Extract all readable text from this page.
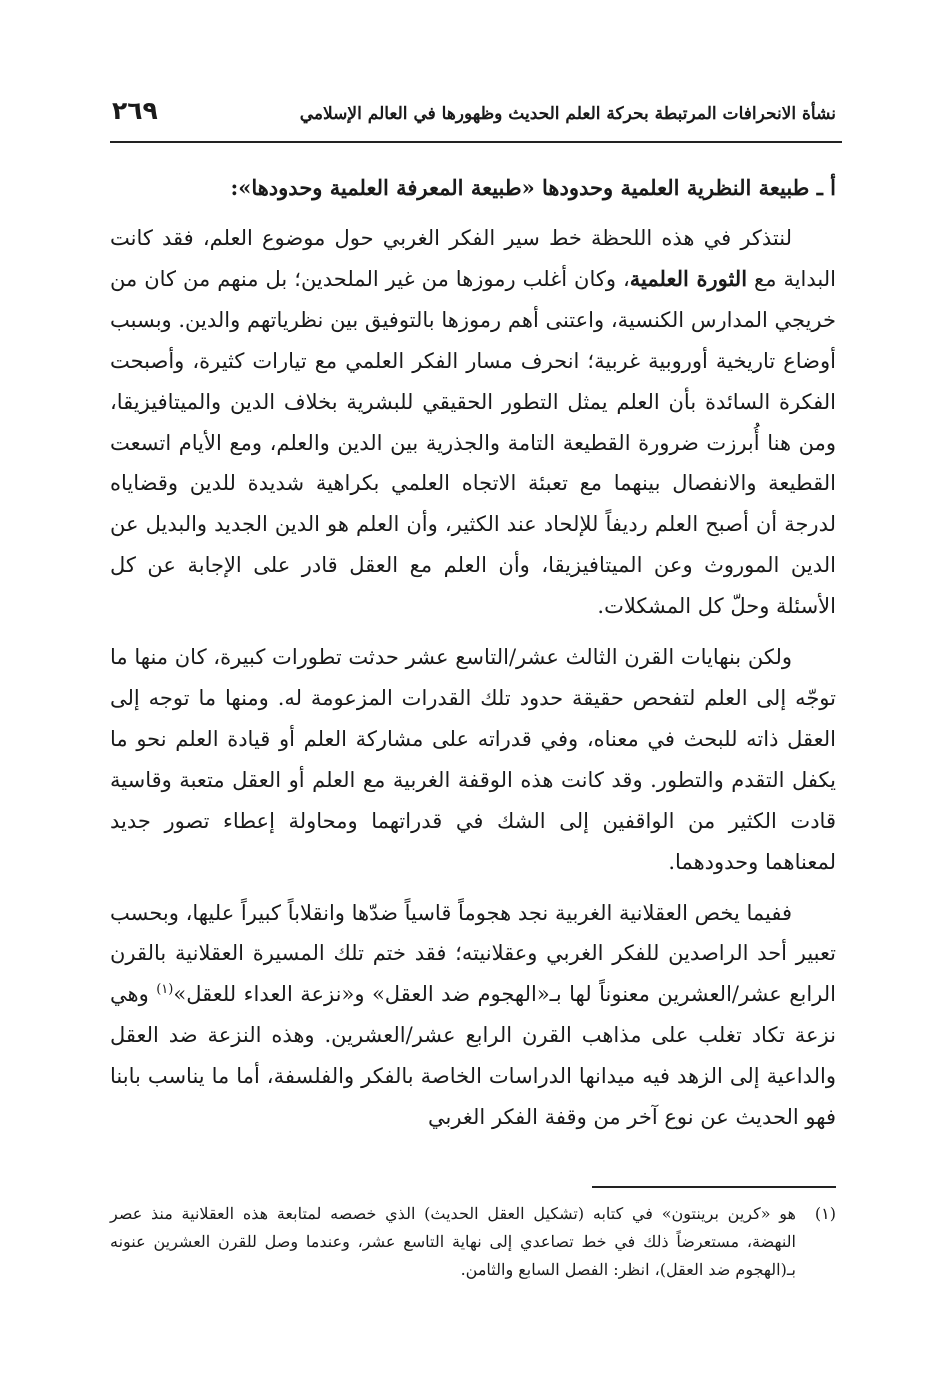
نشأة الانحرافات المرتبطة بحركة العلم الحديث وظهورها في العالم الإسلامي
٢٦٩
أ ـ طبيعة النظرية العلمية وحدودها «طبيعة المعرفة العلمية وحدودها»:

لنتذكر في هذه اللحظة خط سير الفكر الغربي حول موضوع العلم، فقد كانت البداية مع الثورة العلمية، وكان أغلب رموزها من غير الملحدين؛ بل منهم من كان من خريجي المدارس الكنسية، واعتنى أهم رموزها بالتوفيق بين نظرياتهم والدين. وبسبب أوضاع تاريخية أوروبية غربية؛ انحرف مسار الفكر العلمي مع تيارات كثيرة، وأصبحت الفكرة السائدة بأن العلم يمثل التطور الحقيقي للبشرية بخلاف الدين والميتافيزيقا، ومن هنا أُبرزت ضرورة القطيعة التامة والجذرية بين الدين والعلم، ومع الأيام اتسعت القطيعة والانفصال بينهما مع تعبئة الاتجاه العلمي بكراهية شديدة للدين وقضاياه لدرجة أن أصبح العلم رديفاً للإلحاد عند الكثير، وأن العلم هو الدين الجديد والبديل عن الدين الموروث وعن الميتافيزيقا، وأن العلم مع العقل قادر على الإجابة عن كل الأسئلة وحلّ كل المشكلات.

ولكن بنهايات القرن الثالث عشر/التاسع عشر حدثت تطورات كبيرة، كان منها ما توجّه إلى العلم لتفحص حقيقة حدود تلك القدرات المزعومة له. ومنها ما توجه إلى العقل ذاته للبحث في معناه، وفي قدراته على مشاركة العلم أو قيادة العلم نحو ما يكفل التقدم والتطور. وقد كانت هذه الوقفة الغربية مع العلم أو العقل متعبة وقاسية قادت الكثير من الواقفين إلى الشك في قدراتهما ومحاولة إعطاء تصور جديد لمعناهما وحدودهما.

ففيما يخص العقلانية الغربية نجد هجوماً قاسياً ضدّها وانقلاباً كبيراً عليها، وبحسب تعبير أحد الراصدين للفكر الغربي وعقلانيته؛ فقد ختم تلك المسيرة العقلانية بالقرن الرابع عشر/العشرين معنوناً لها بـ«الهجوم ضد العقل» و«نزعة العداء للعقل»$^{(١)}$ وهي نزعة تكاد تغلب على مذاهب القرن الرابع عشر/العشرين. وهذه النزعة ضد العقل والداعية إلى الزهد فيه ميدانها الدراسات الخاصة بالفكر والفلسفة، أما ما يناسب بابنا فهو الحديث عن نوع آخر من وقفة الفكر الغربي

(١)
هو «كرين برينتون» في كتابه (تشكيل العقل الحديث) الذي خصصه لمتابعة هذه العقلانية منذ عصر النهضة، مستعرضاً ذلك في خط تصاعدي إلى نهاية التاسع عشر، وعندما وصل للقرن العشرين عنونه بـ(الهجوم ضد العقل)، انظر: الفصل السابع والثامن.
